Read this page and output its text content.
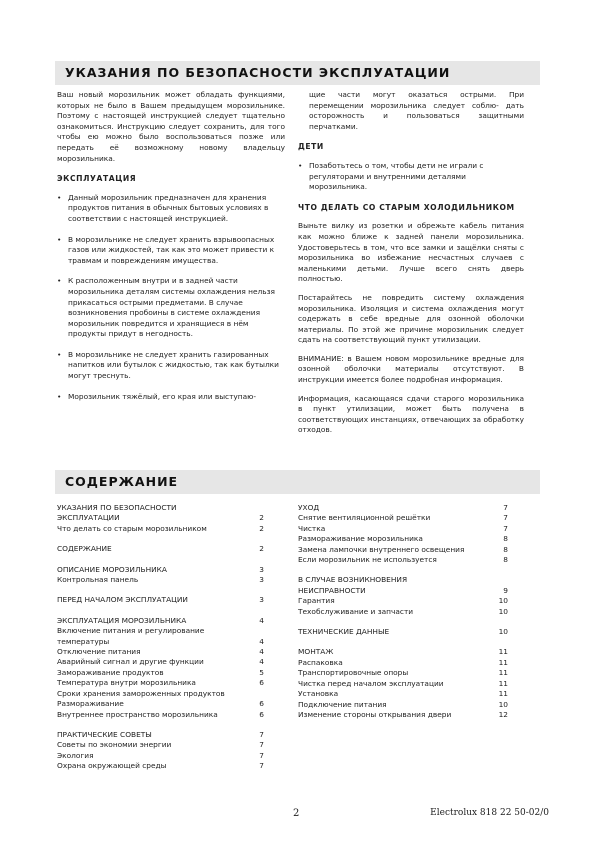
УКАЗАНИЯ ПО БЕЗОПАСНОСТИ ЭКСПЛУАТАЦИИ

Ваш новый морозильник может обладать функциями, которых не было в Вашем предыдущем морозильнике. Поэтому с настоящей инструкцией следует тщательно ознакомиться. Инструкцию следует сохранить, для того чтобы ею можно было воспользоваться позже или передать её возможному новому владельцу морозильника.

ЭКСПЛУАТАЦИЯ
• Данный морозильник предназначен для хранения продуктов питания в обычных бытовых условиях в соответствии с настоящей инструкцией.
• В морозильнике не следует хранить взрывоопасных газов или жидкостей, так как это может привести к травмам и повреждениям имущества.
• К расположенным внутри и в задней части морозильника деталям системы охлаждения нельзя прикасаться острыми предметами. В случае возникновения пробоины в системе охлаждения морозильник повредится и хранящиеся в нём продукты придут в негодность.
• В морозильнике не следует хранить газированных напитков или бутылок с жидкостью, так как бутылки могут треснуть.
• Морозильник тяжёлый, его края или выступаю-

щие части могут оказаться острыми. При перемещении морозильника следует соблю- дать осторожность и пользоваться защитными перчатками.

ДЕТИ
• Позаботьтесь о том, чтобы дети не играли с регуляторами и внутренними деталями морозильника.
ЧТО ДЕЛАТЬ СО СТАРЫМ ХОЛОДИЛЬНИКОМ

Выньте вилку из розетки и обрежьте кабель питания как можно ближе к задней панели морозильника. Удостоверьтесь в том, что все замки и защёлки сняты с морозильника во избежание несчастных случаев с маленькими детьми. Лучше всего снять дверь полностью.

Постарайтесь не повредить систему охлаждения морозильника. Изоляция и система охлаждения могут содержать в себе вредные для озонной оболочки материалы. По этой же причине морозильник следует сдать на соответствующий пункт утилизации.

ВНИМАНИЕ: в Вашем новом морозильнике вредные для озонной оболочки материалы отсутствуют. В инструкции имеется более подробная информация.

Информация, касающаяся сдачи старого морозильника в пункт утилизации, может быть получена в соответствующих инстанциях, отвечающих за обработку отходов.

СОДЕРЖАНИЕ
УКАЗАНИЯ ПО БЕЗОПАСНОСТИ
ЭКСПЛУАТАЦИИ	2
Что делать со старым морозильником	2
СОДЕРЖАНИЕ	2
ОПИСАНИЕ МОРОЗИЛЬНИКА	3
Контрольная панель	3
ПЕРЕД НАЧАЛОМ ЭКСПЛУАТАЦИИ	3
ЭКСПЛУАТАЦИЯ МОРОЗИЛЬНИКА	4
Включение питания и регулирование
температуры	4
Отключение питания	4
Аварийный сигнал и другие функции	4
Замораживание продуктов	5
Температура внутри морозильника	6
Сроки хранения замороженных продуктов
Размораживание	6
Внутреннее пространство морозильника	6
ПРАКТИЧЕСКИЕ СОВЕТЫ	7
Советы по экономии энергии	7
Экология	7
Охрана окружающей среды	7
УХОД	7
Снятие вентиляционной решётки	7
Чистка	7
Размораживание морозильника	8
Замена лампочки внутреннего освещения	8
Если морозильник не используется	8
В СЛУЧАЕ ВОЗНИКНОВЕНИЯ
НЕИСПРАВНОСТИ	9
Гарантия	10
Техобслуживание и запчасти	10
ТЕХНИЧЕСКИЕ ДАННЫЕ	10
МОНТАЖ	11
Распаковка	11
Транспортировочные опоры	11
Чистка перед началом эксплуатации	11
Установка	11
Подключение питания	10
Изменение стороны открывания двери	12
2	Electrolux 818 22 50-02/0
